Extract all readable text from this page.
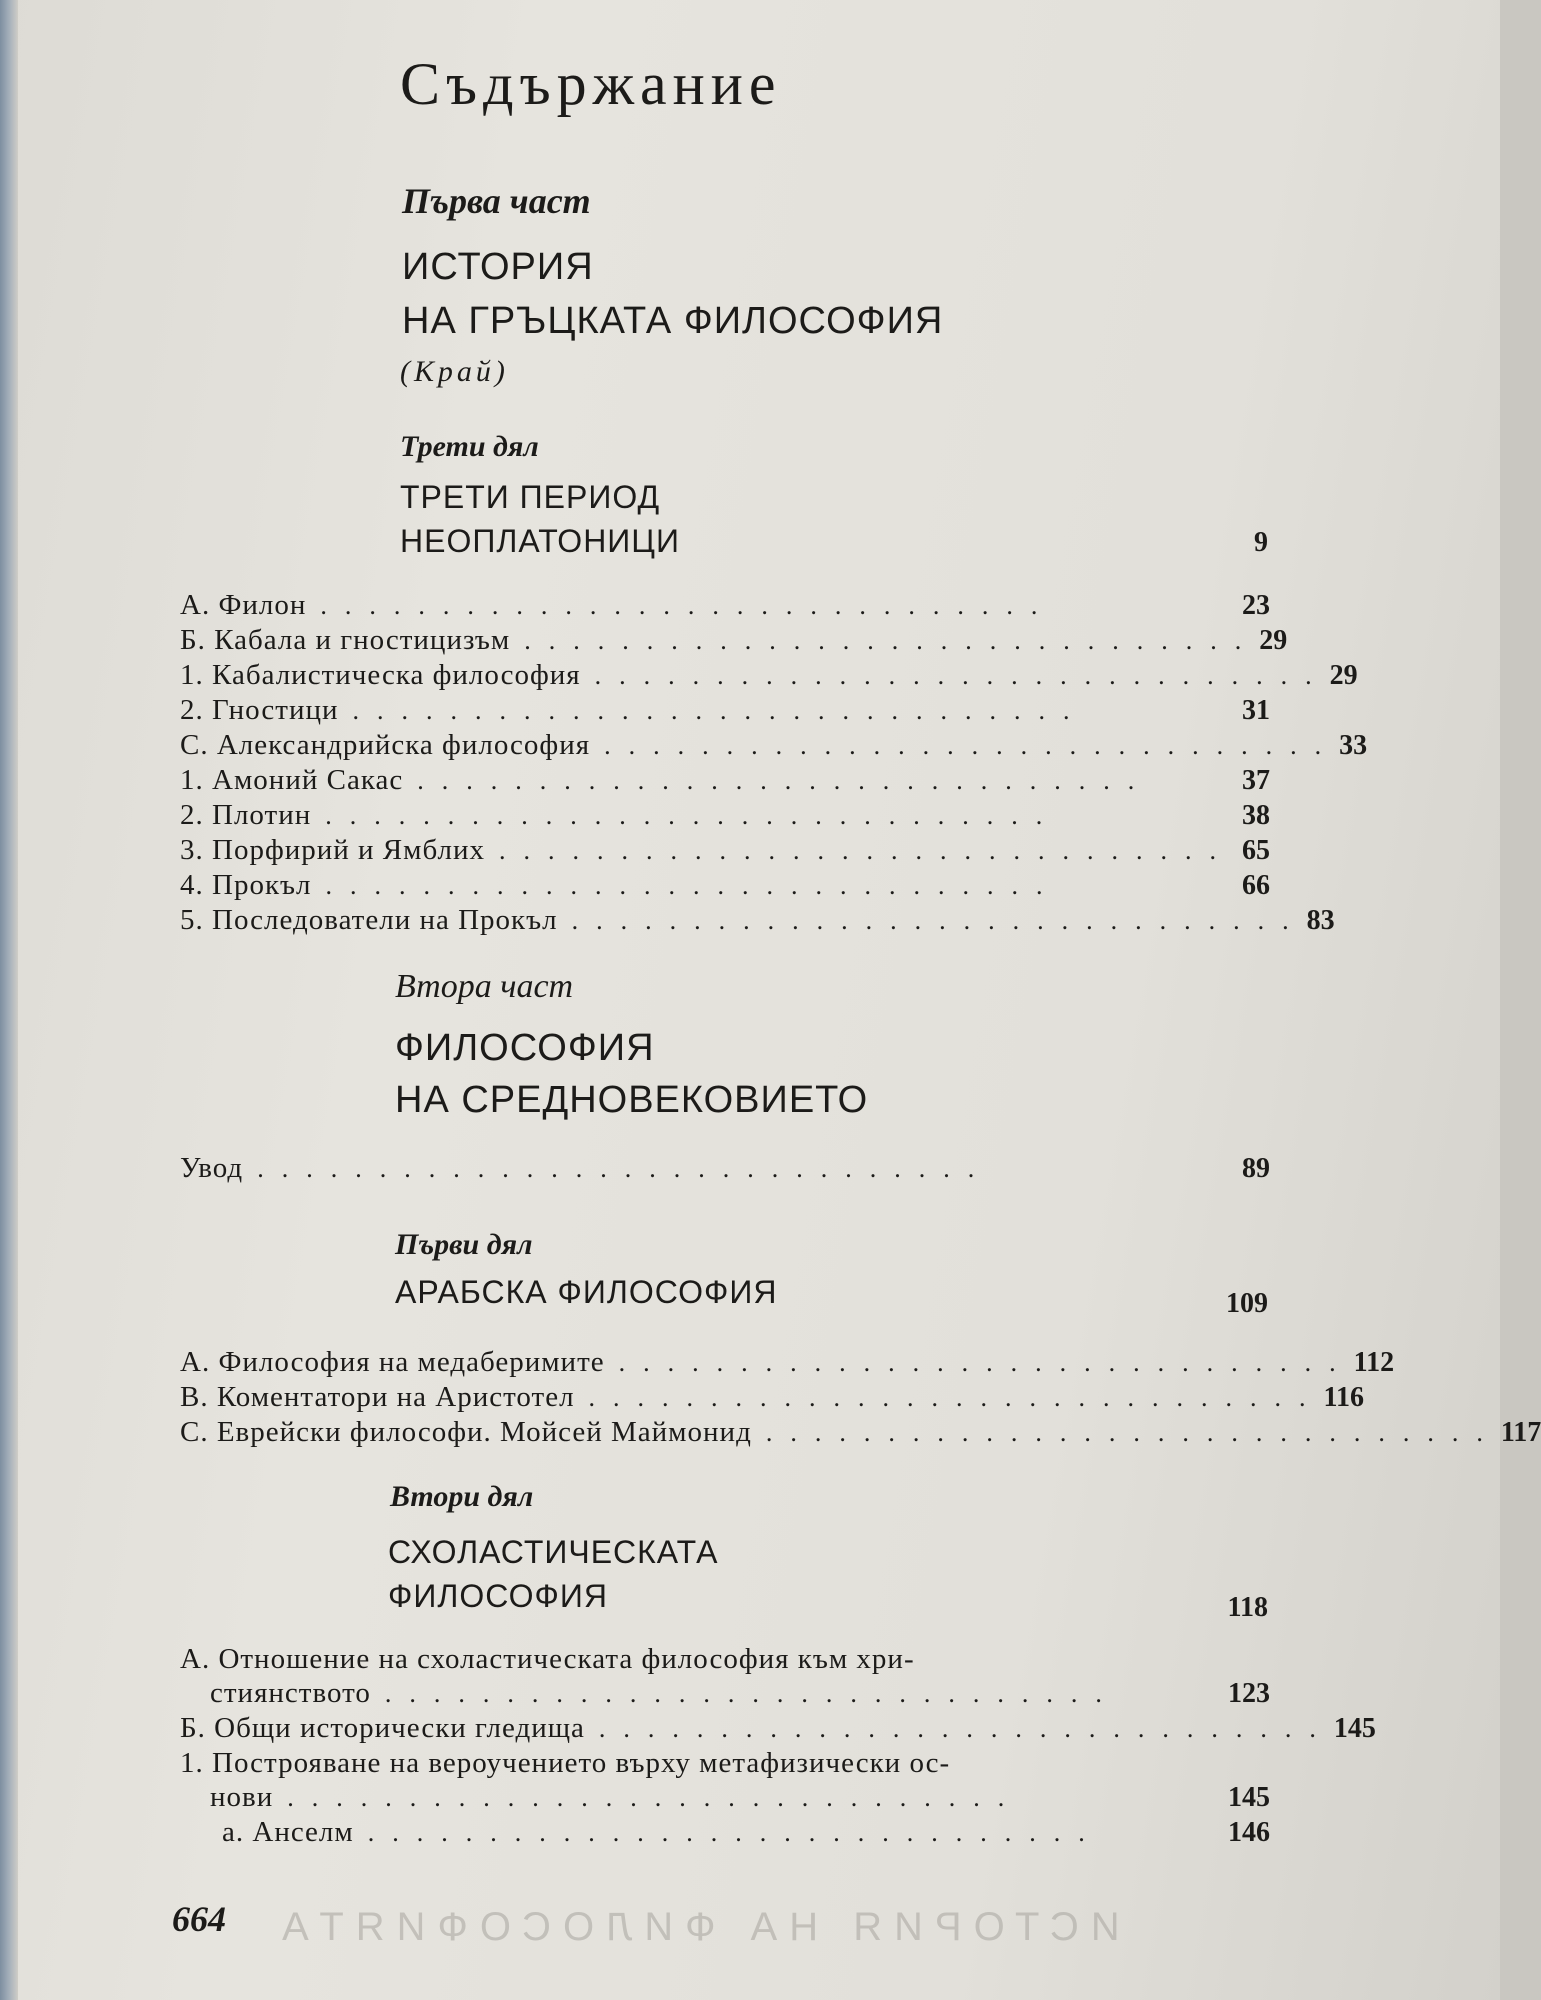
Съдържание
Първа част
ИСТОРИЯ
НА ГРЪЦКАТА ФИЛОСОФИЯ
(Край)
Трети дял
ТРЕТИ ПЕРИОД
НЕОПЛАТОНИЦИ	9
А. Филон ..............................	23
Б. Кабала и гностицизъм .............................. 29
1. Кабалистическа философия .............................. 29
2. Гностици ..............................	31
С. Александрийска философия .............................. 33
1. Амоний Сакас ..............................	37
2. Плотин ..............................	38
3. Порфирий и Ямблих .............................. 65
4. Прокъл ..............................	66
5. Последователи на Прокъл .............................. 83
Втора част
ФИЛОСОФИЯ
НА СРЕДНОВЕКОВИЕТО
Увод ..............................	89
Първи дял
АРАБСКА ФИЛОСОФИЯ	109
А. Философия на медаберимите .............................. 112
В. Коментатори на Аристотел .............................. 116
С. Еврейски философи. Мойсей Маймонид .............................. 117
Втори дял
СХОЛАСТИЧЕСКАТА
ФИЛОСОФИЯ	118
А. Отношение на схоластическата философия към хри-
стиянството ..............................	123
Б. Общи исторически гледища .............................. 145
1. Построяване на вероучението върху метафизически ос-
нови ..............................	145
а. Анселм ..............................	146
664 ИСТОРИЯ НА ФИЛОСОФИЯТА
